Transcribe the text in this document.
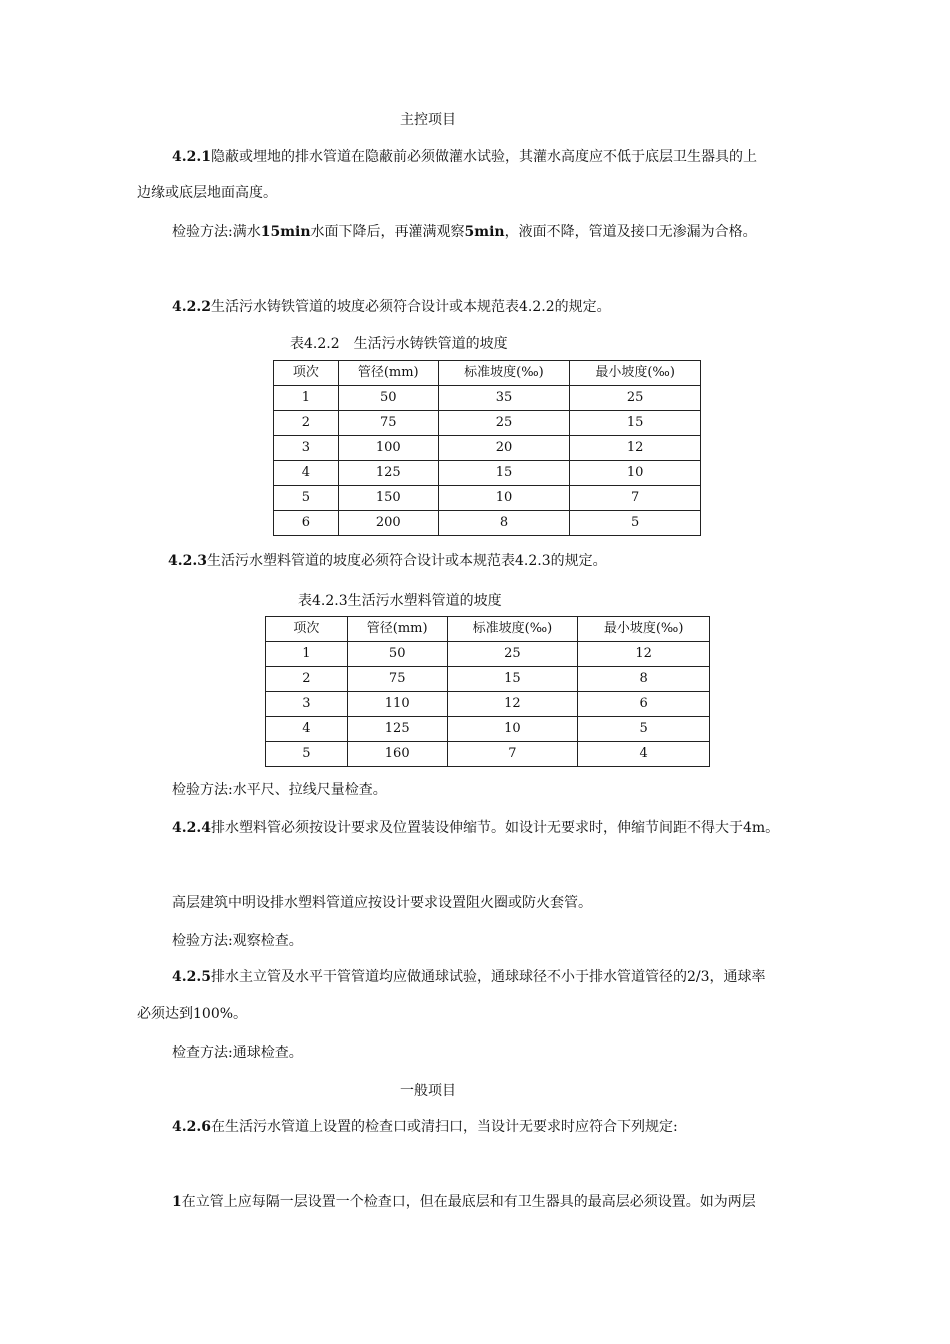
主控项目

4.2.1隐蔽或埋地的排水管道在隐蔽前必须做灌水试验，其灌水高度应不低于底层卫生器具的上

边缘或底层地面高度。

检验方法:满水15min水面下降后，再灌满观察5min，液面不降，管道及接口无渗漏为合格。

4.2.2生活污水铸铁管道的坡度必须符合设计或本规范表4.2.2的规定。

表4.2.2　生活污水铸铁管道的坡度
项次	管径(mm)	标准坡度(‰)	最小坡度(‰)
1	50	35	25
2	75	25	15
3	100	20	12
4	125	15	10
5	150	10	7
6	200	8	5

4.2.3生活污水塑料管道的坡度必须符合设计或本规范表4.2.3的规定。

表4.2.3生活污水塑料管道的坡度
项次	管径(mm)	标准坡度(‰)	最小坡度(‰)
1	50	25	12
2	75	15	8
3	110	12	6
4	125	10	5
5	160	7	4

检验方法:水平尺、拉线尺量检查。

4.2.4排水塑料管必须按设计要求及位置装设伸缩节。如设计无要求时，伸缩节间距不得大于4m。

高层建筑中明设排水塑料管道应按设计要求设置阻火圈或防火套管。

检验方法:观察检查。

4.2.5排水主立管及水平干管管道均应做通球试验，通球球径不小于排水管道管径的2/3，通球率

必须达到100%。

检查方法:通球检查。

一般项目

4.2.6在生活污水管道上设置的检查口或清扫口，当设计无要求时应符合下列规定:

1在立管上应每隔一层设置一个检查口，但在最底层和有卫生器具的最高层必须设置。如为两层
